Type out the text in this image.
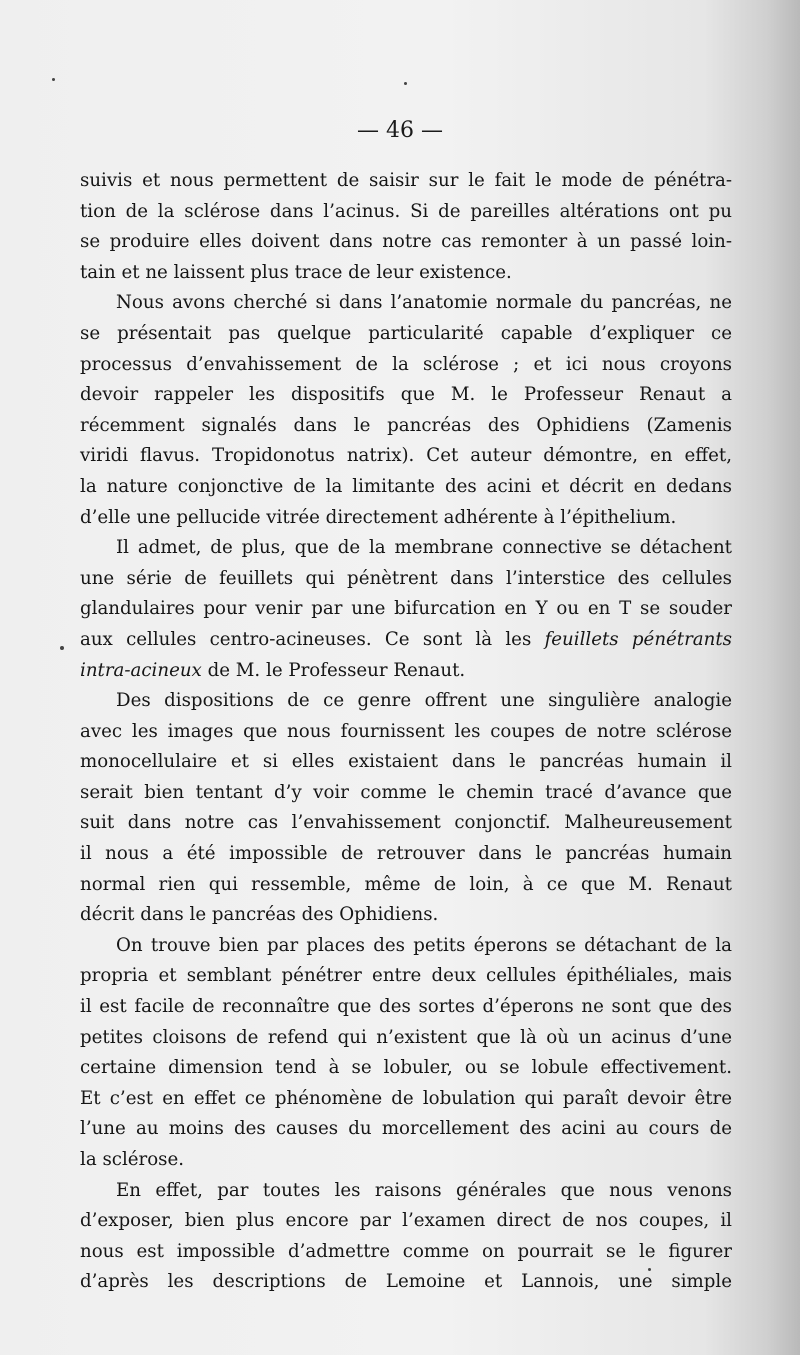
— 46 —

suivis et nous permettent de saisir sur le fait le mode de pénétra-
tion de la sclérose dans l’acinus. Si de pareilles altérations ont pu
se produire elles doivent dans notre cas remonter à un passé loin-
tain et ne laissent plus trace de leur existence.
Nous avons cherché si dans l’anatomie normale du pancréas, ne
se présentait pas quelque particularité capable d’expliquer ce
processus d’envahissement de la sclérose ; et ici nous croyons
devoir rappeler les dispositifs que M. le Professeur Renaut a
récemment signalés dans le pancréas des Ophidiens (Zamenis
viridi flavus. Tropidonotus natrix). Cet auteur démontre, en effet,
la nature conjonctive de la limitante des acini et décrit en dedans
d’elle une pellucide vitrée directement adhérente à l’épithelium.
Il admet, de plus, que de la membrane connective se détachent
une série de feuillets qui pénètrent dans l’interstice des cellules
glandulaires pour venir par une bifurcation en Y ou en T se souder
aux cellules centro-acineuses. Ce sont là les feuillets pénétrants
intra-acineux de M. le Professeur Renaut.
Des dispositions de ce genre offrent une singulière analogie
avec les images que nous fournissent les coupes de notre sclérose
monocellulaire et si elles existaient dans le pancréas humain il
serait bien tentant d’y voir comme le chemin tracé d’avance que
suit dans notre cas l’envahissement conjonctif. Malheureusement
il nous a été impossible de retrouver dans le pancréas humain
normal rien qui ressemble, même de loin, à ce que M. Renaut
décrit dans le pancréas des Ophidiens.
On trouve bien par places des petits éperons se détachant de la
propria et semblant pénétrer entre deux cellules épithéliales, mais
il est facile de reconnaître que des sortes d’éperons ne sont que des
petites cloisons de refend qui n’existent que là où un acinus d’une
certaine dimension tend à se lobuler, ou se lobule effectivement.
Et c’est en effet ce phénomène de lobulation qui paraît devoir être
l’une au moins des causes du morcellement des acini au cours de
la sclérose.
En effet, par toutes les raisons générales que nous venons
d’exposer, bien plus encore par l’examen direct de nos coupes, il
nous est impossible d’admettre comme on pourrait se le figurer
d’après les descriptions de Lemoine et Lannois, une simple
